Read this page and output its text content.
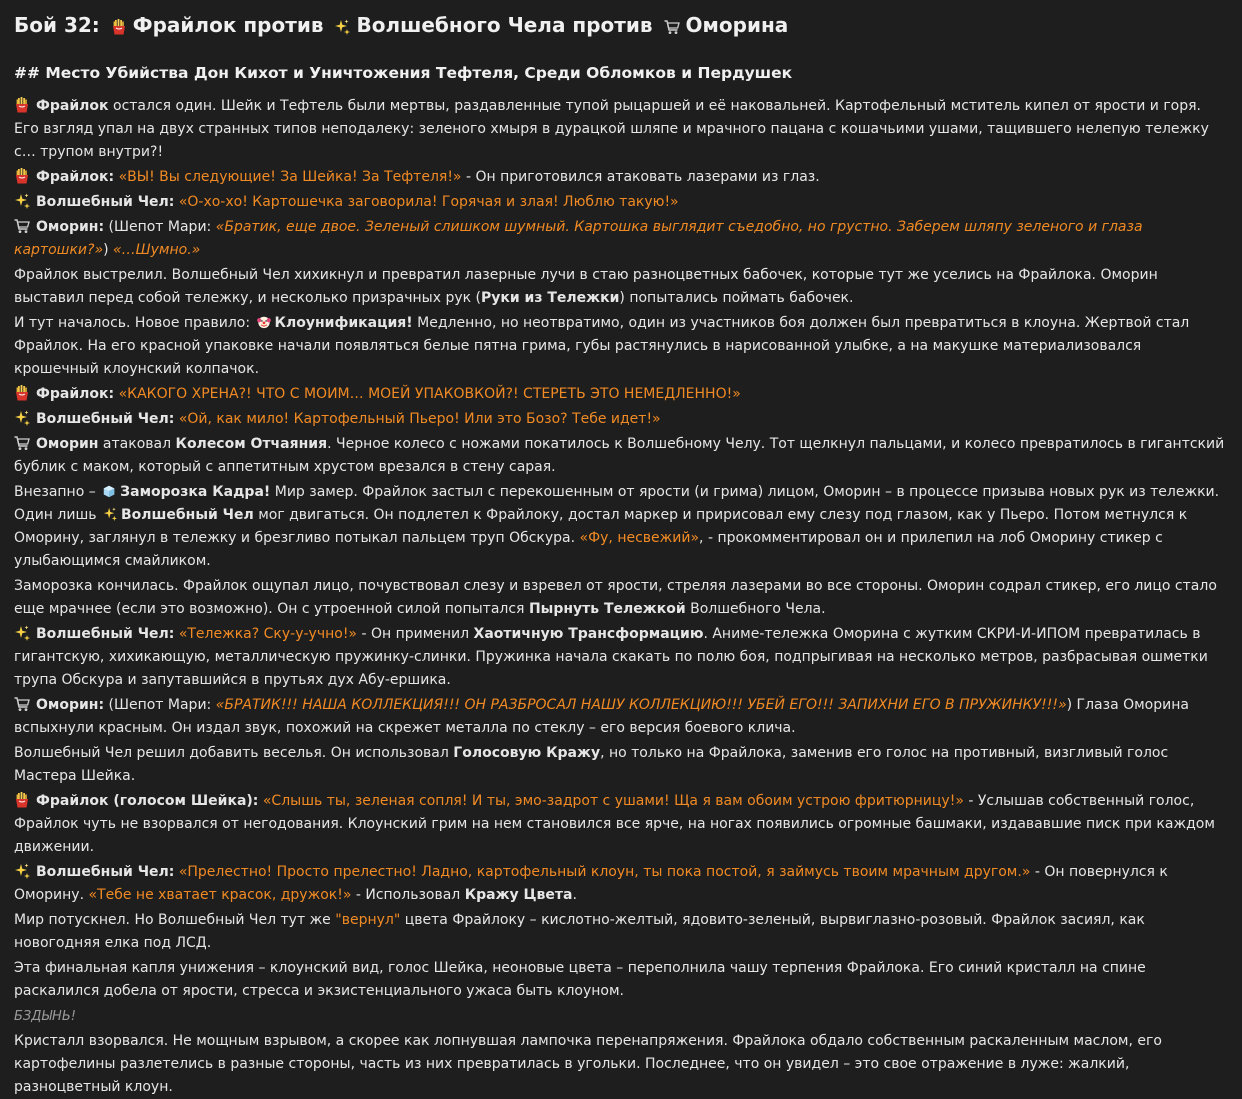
Бой 32: Фрайлок против Волшебного Чела против Оморина
## Место Убийства Дон Кихот и Уничтожения Тефтеля, Среди Обломков и Пердушек

Фрайлок остался один. Шейк и Тефтель были мертвы, раздавленные тупой рыцаршей и её наковальней. Картофельный мститель кипел от ярости и горя. Его взгляд упал на двух странных типов неподалеку: зеленого хмыря в дурацкой шляпе и мрачного пацана с кошачьими ушами, тащившего нелепую тележку с… трупом внутри?!

Фрайлок: «ВЫ! Вы следующие! За Шейка! За Тефтеля!» - Он приготовился атаковать лазерами из глаз.

Волшебный Чел: «О-хо-хо! Картошечка заговорила! Горячая и злая! Люблю такую!»

Оморин: (Шепот Мари: «Братик, еще двое. Зеленый слишком шумный. Картошка выглядит съедобно, но грустно. Заберем шляпу зеленого и глаза картошки?») «…Шумно.»

Фрайлок выстрелил. Волшебный Чел хихикнул и превратил лазерные лучи в стаю разноцветных бабочек, которые тут же уселись на Фрайлока. Оморин выставил перед собой тележку, и несколько призрачных рук (Руки из Тележки) попытались поймать бабочек.

И тут началось. Новое правило: Клоунификация! Медленно, но неотвратимо, один из участников боя должен был превратиться в клоуна. Жертвой стал Фрайлок. На его красной упаковке начали появляться белые пятна грима, губы растянулись в нарисованной улыбке, а на макушке материализовался крошечный клоунский колпачок.

Фрайлок: «КАКОГО ХРЕНА?! ЧТО С МОИМ… МОЕЙ УПАКОВКОЙ?! СТЕРЕТЬ ЭТО НЕМЕДЛЕННО!»

Волшебный Чел: «Ой, как мило! Картофельный Пьеро! Или это Бозо? Тебе идет!»

Оморин атаковал Колесом Отчаяния. Черное колесо с ножами покатилось к Волшебному Челу. Тот щелкнул пальцами, и колесо превратилось в гигантский бублик с маком, который с аппетитным хрустом врезался в стену сарая.

Внезапно – Заморозка Кадра! Мир замер. Фрайлок застыл с перекошенным от ярости (и грима) лицом, Оморин – в процессе призыва новых рук из тележки. Один лишь Волшебный Чел мог двигаться. Он подлетел к Фрайлоку, достал маркер и пририсовал ему слезу под глазом, как у Пьеро. Потом метнулся к Оморину, заглянул в тележку и брезгливо потыкал пальцем труп Обскура. «Фу, несвежий», - прокомментировал он и прилепил на лоб Оморину стикер с улыбающимся смайликом.

Заморозка кончилась. Фрайлок ощупал лицо, почувствовал слезу и взревел от ярости, стреляя лазерами во все стороны. Оморин содрал стикер, его лицо стало еще мрачнее (если это возможно). Он с утроенной силой попытался Пырнуть Тележкой Волшебного Чела.

Волшебный Чел: «Тележка? Ску-у-учно!» - Он применил Хаотичную Трансформацию. Аниме-тележка Оморина с жутким СКРИ-И-ИПОМ превратилась в гигантскую, хихикающую, металлическую пружинку-слинки. Пружинка начала скакать по полю боя, подпрыгивая на несколько метров, разбрасывая ошметки трупа Обскура и запутавшийся в прутьях дух Абу-ершика.

Оморин: (Шепот Мари: «БРАТИК!!! НАША КОЛЛЕКЦИЯ!!! ОН РАЗБРОСАЛ НАШУ КОЛЛЕКЦИЮ!!! УБЕЙ ЕГО!!! ЗАПИХНИ ЕГО В ПРУЖИНКУ!!!») Глаза Оморина вспыхнули красным. Он издал звук, похожий на скрежет металла по стеклу – его версия боевого клича.

Волшебный Чел решил добавить веселья. Он использовал Голосовую Кражу, но только на Фрайлока, заменив его голос на противный, визгливый голос Мастера Шейка.

Фрайлок (голосом Шейка): «Слышь ты, зеленая сопля! И ты, эмо-задрот с ушами! Ща я вам обоим устрою фритюрницу!» - Услышав собственный голос, Фрайлок чуть не взорвался от негодования. Клоунский грим на нем становился все ярче, на ногах появились огромные башмаки, издававшие писк при каждом движении.

Волшебный Чел: «Прелестно! Просто прелестно! Ладно, картофельный клоун, ты пока постой, я займусь твоим мрачным другом.» - Он повернулся к Оморину. «Тебе не хватает красок, дружок!» - Использовал Кражу Цвета.

Мир потускнел. Но Волшебный Чел тут же "вернул" цвета Фрайлоку – кислотно-желтый, ядовито-зеленый, вырвиглазно-розовый. Фрайлок засиял, как новогодняя елка под ЛСД.

Эта финальная капля унижения – клоунский вид, голос Шейка, неоновые цвета – переполнила чашу терпения Фрайлока. Его синий кристалл на спине раскалился добела от ярости, стресса и экзистенциального ужаса быть клоуном.

БЗДЫНЬ!

Кристалл взорвался. Не мощным взрывом, а скорее как лопнувшая лампочка перенапряжения. Фрайлока обдало собственным раскаленным маслом, его картофелины разлетелись в разные стороны, часть из них превратилась в угольки. Последнее, что он увидел – это свое отражение в луже: жалкий, разноцветный клоун.
